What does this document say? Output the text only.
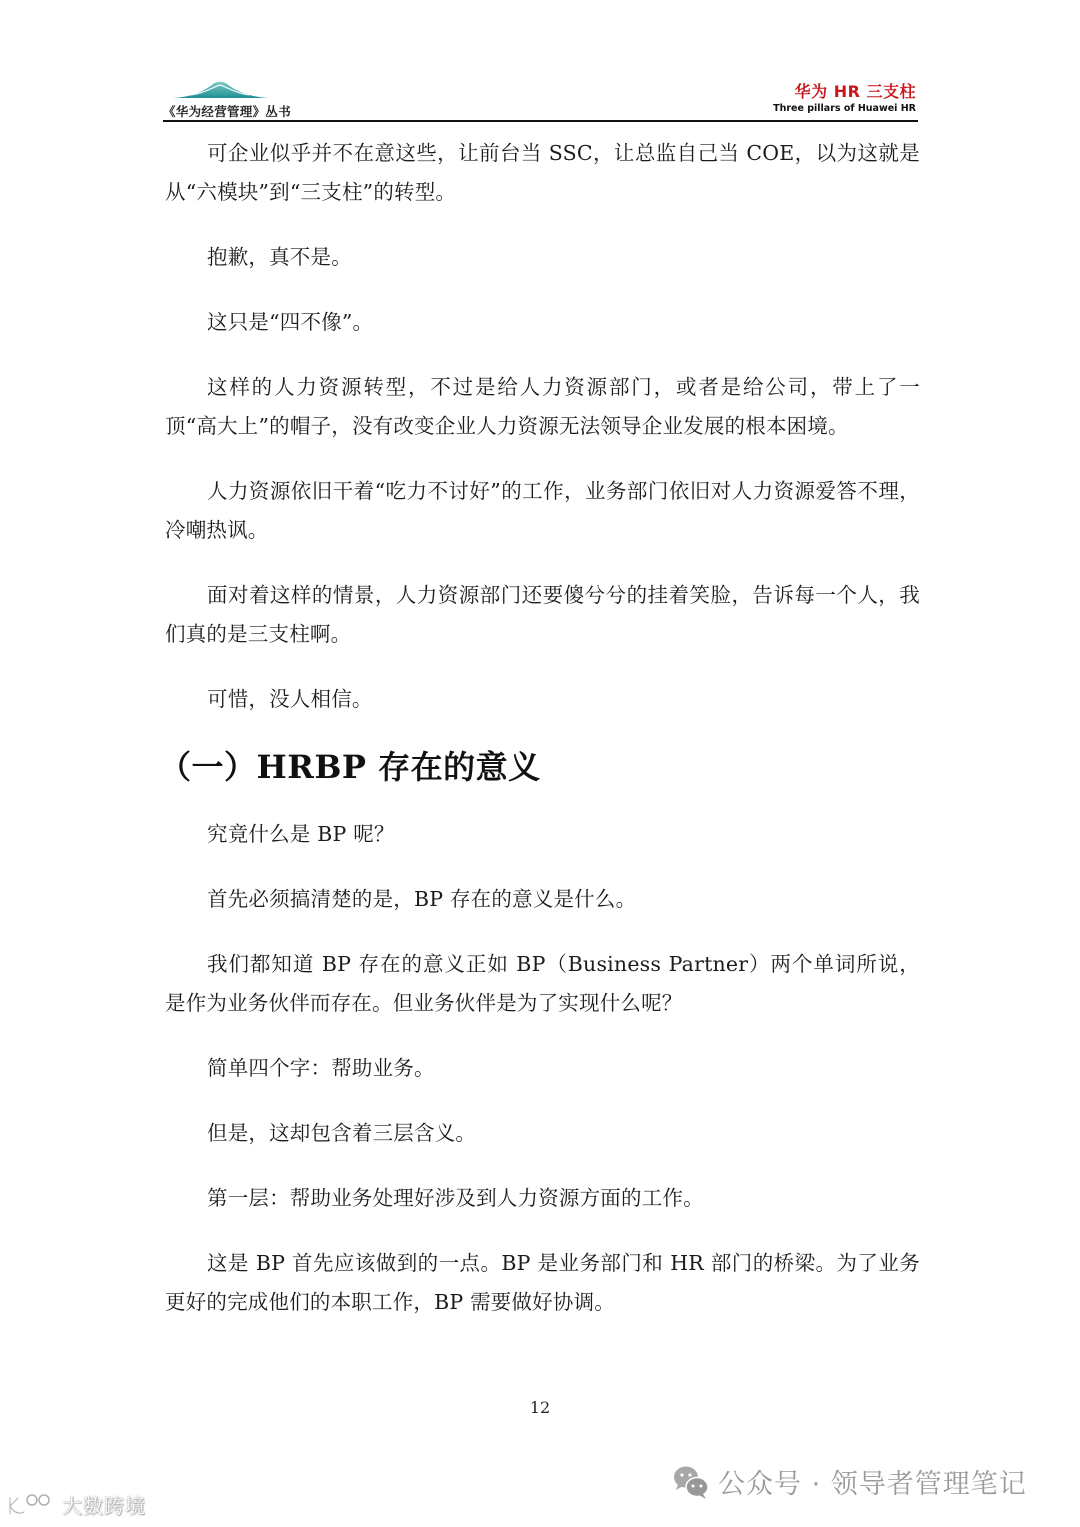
《华为经营管理》丛书
华为 HR 三支柱
Three pillars of Huawei HR

可企业似乎并不在意这些，让前台当 SSC，让总监自己当 COE，以为这就是从“六模块”到“三支柱”的转型。

抱歉，真不是。

这只是“四不像”。

这样的人力资源转型，不过是给人力资源部门，或者是给公司，带上了一顶“高大上”的帽子，没有改变企业人力资源无法领导企业发展的根本困境。

人力资源依旧干着“吃力不讨好”的工作，业务部门依旧对人力资源爱答不理，冷嘲热讽。

面对着这样的情景，人力资源部门还要傻兮兮的挂着笑脸，告诉每一个人，我们真的是三支柱啊。

可惜，没人相信。

（一）HRBP 存在的意义

究竟什么是 BP 呢？

首先必须搞清楚的是，BP 存在的意义是什么。

我们都知道 BP 存在的意义正如 BP（Business Partner）两个单词所说，是作为业务伙伴而存在。但业务伙伴是为了实现什么呢？

简单四个字：帮助业务。

但是，这却包含着三层含义。

第一层：帮助业务处理好涉及到人力资源方面的工作。

这是 BP 首先应该做到的一点。BP 是业务部门和 HR 部门的桥梁。为了业务更好的完成他们的本职工作，BP 需要做好协调。

12
公众号 · 领导者管理笔记
大数跨境
